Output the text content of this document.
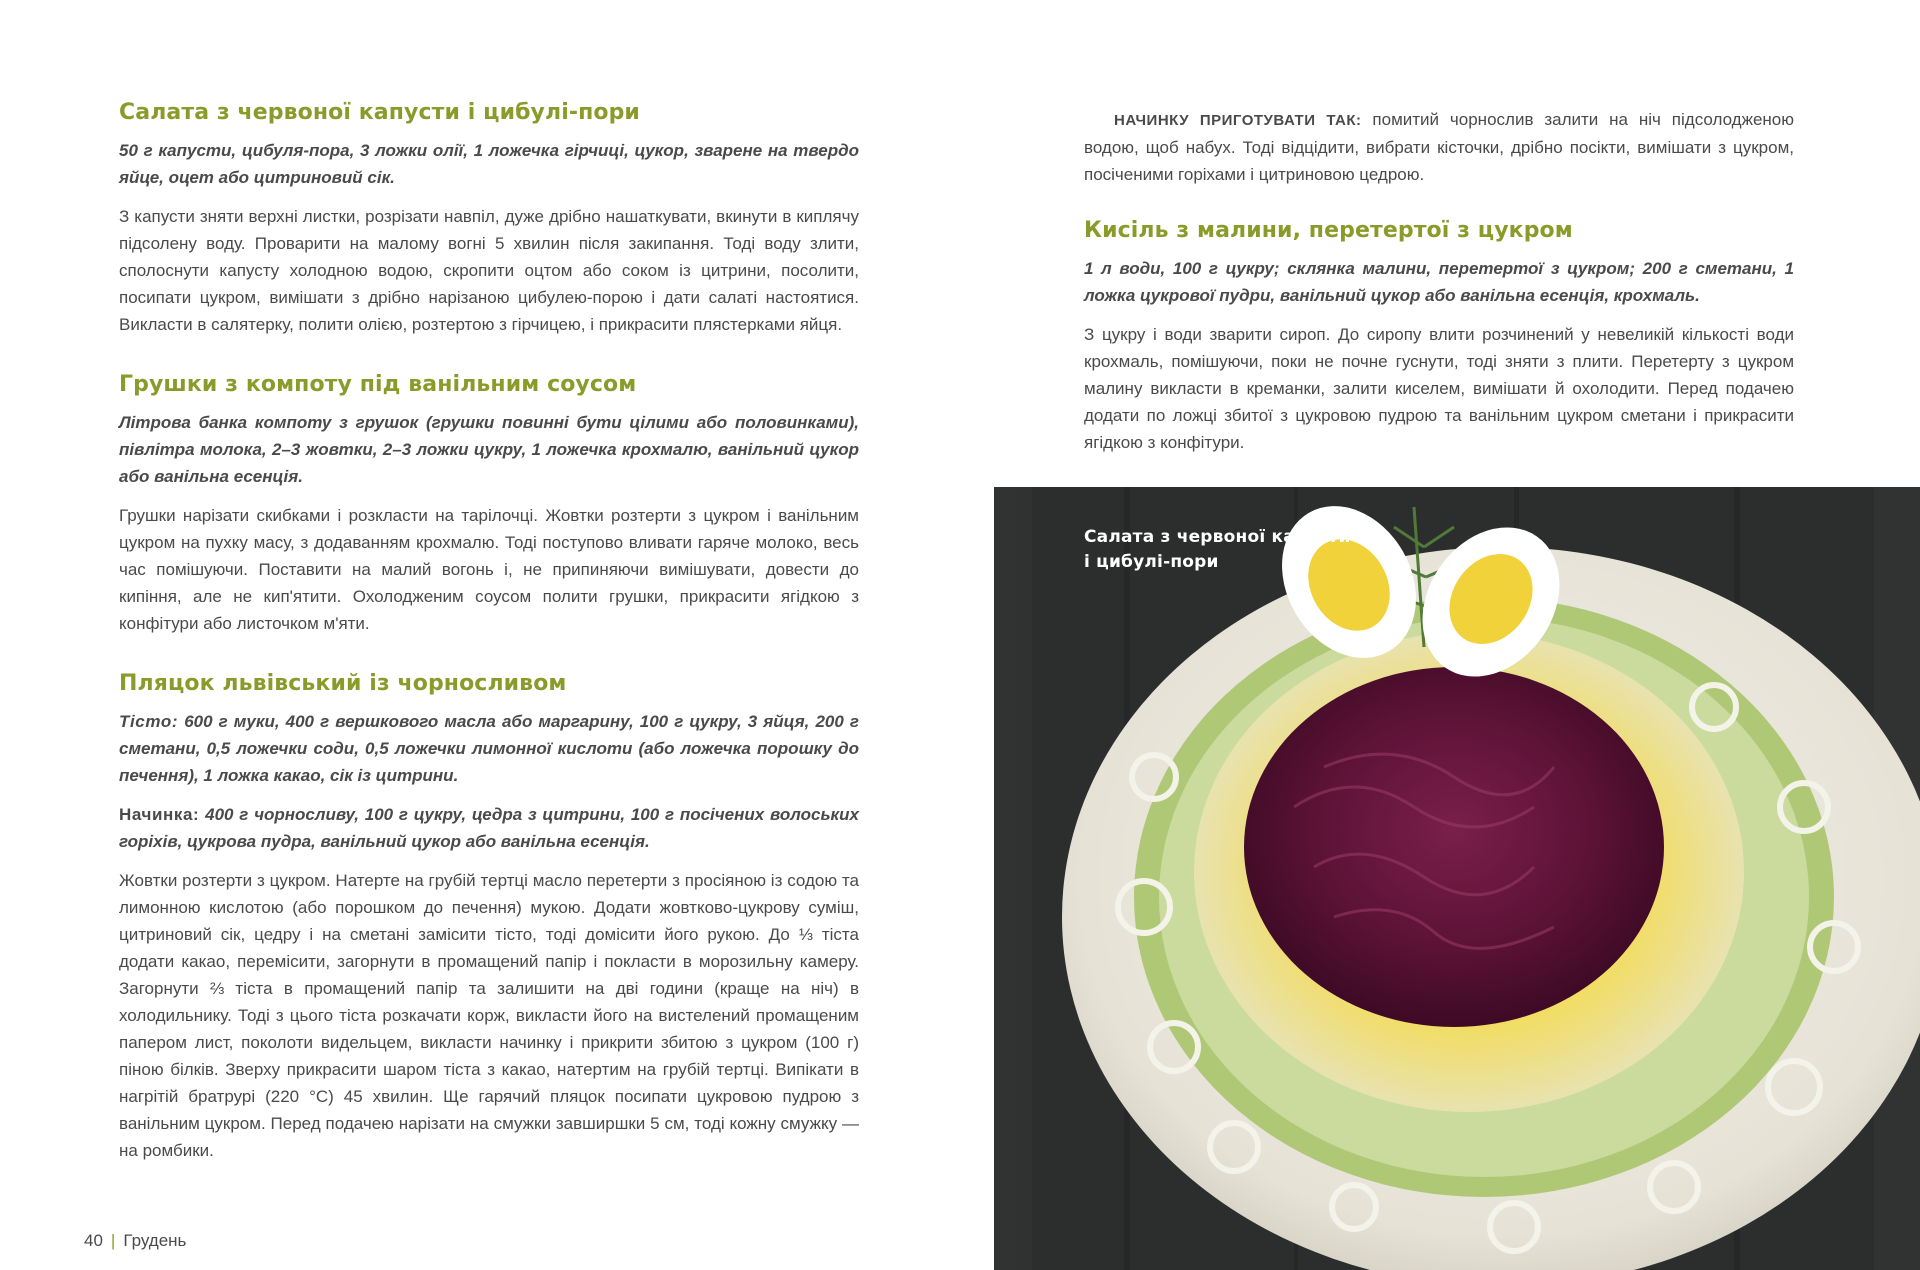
Салата з червоної капусти і цибулі-пори

50 г капусти, цибуля-пора, 3 ложки олії, 1 ложечка гірчиці, цукор, зварене на твердо яйце, оцет або цитриновий сік.

З капусти зняти верхні листки, розрізати навпіл, дуже дрібно нашаткувати, вкинути в киплячу підсолену воду. Проварити на малому вогні 5 хвилин після закипання. Тоді воду злити, сполоснути капусту холодною водою, скропити оцтом або соком із цитрини, посолити, посипати цукром, вимішати з дрібно нарізаною цибулею-порою і дати салаті настоятися. Викласти в салятерку, полити олією, розтертою з гірчицею, і прикрасити плястерками яйця.

Грушки з компоту під ванільним соусом

Літрова банка компоту з грушок (грушки повинні бути цілими або половинками), півлітра молока, 2–3 жовтки, 2–3 ложки цукру, 1 ложечка крохмалю, ванільний цукор або ванільна есенція.

Грушки нарізати скибками і розкласти на тарілочці. Жовтки розтерти з цукром і ванільним цукром на пухку масу, з додаванням крохмалю. Тоді поступово вливати гаряче молоко, весь час помішуючи. Поставити на малий вогонь і, не припиняючи вимішувати, довести до кипіння, але не кип'ятити. Охолодженим соусом полити грушки, прикрасити ягідкою з конфітури або листочком м'яти.

Пляцок львівський із чорносливом

Тісто: 600 г муки, 400 г вершкового масла або маргарину, 100 г цукру, 3 яйця, 200 г сметани, 0,5 ложечки соди, 0,5 ложечки лимонної кислоти (або ложечка порошку до печення), 1 ложка какао, сік із цитрини.

Начинка: 400 г чорносливу, 100 г цукру, цедра з цитрини, 100 г посічених волоських горіхів, цукрова пудра, ванільний цукор або ванільна есенція.

Жовтки розтерти з цукром. Натерте на грубій тертці масло перетерти з просіяною із содою та лимонною кислотою (або порошком до печення) мукою. Додати жовтково-цукрову суміш, цитриновий сік, цедру і на сметані замісити тісто, тоді домісити його рукою. До ⅓ тіста додати какао, перемісити, загорнути в промащений папір і покласти в морозильну камеру. Загорнути ⅔ тіста в промащений папір та залишити на дві години (краще на ніч) в холодильнику. Тоді з цього тіста розкачати корж, викласти його на вистелений промащеним папером лист, поколоти видельцем, викласти начинку і прикрити збитою з цукром (100 г) піною білків. Зверху прикрасити шаром тіста з какао, натертим на грубій тертці. Випікати в нагрітій братрурі (220 °С) 45 хвилин. Ще гарячий пляцок посипати цукровою пудрою з ванільним цукром. Перед подачею нарізати на смужки завширшки 5 см, тоді кожну смужку — на ромбики.

40 | Грудень

НАЧИНКУ ПРИГОТУВАТИ ТАК: помитий чорнослив залити на ніч підсолодженою водою, щоб набух. Тоді відцідити, вибрати кісточки, дрібно посікти, вимішати з цукром, посіченими горіхами і цитриновою цедрою.

Кисіль з малини, перетертої з цукром

1 л води, 100 г цукру; склянка малини, перетертої з цукром; 200 г сметани, 1 ложка цукрової пудри, ванільний цукор або ванільна есенція, крохмаль.

З цукру і води зварити сироп. До сиропу влити розчинений у невеликій кількості води крохмаль, помішуючи, поки не почне гуснути, тоді зняти з плити. Перетерту з цукром малину викласти в креманки, залити киселем, вимішати й охолодити. Перед подачею додати по ложці збитої з цукровою пудрою та ванільним цукром сметани і прикрасити ягідкою з конфітури.

Салата з червоної капусти
і цибулі-пори
